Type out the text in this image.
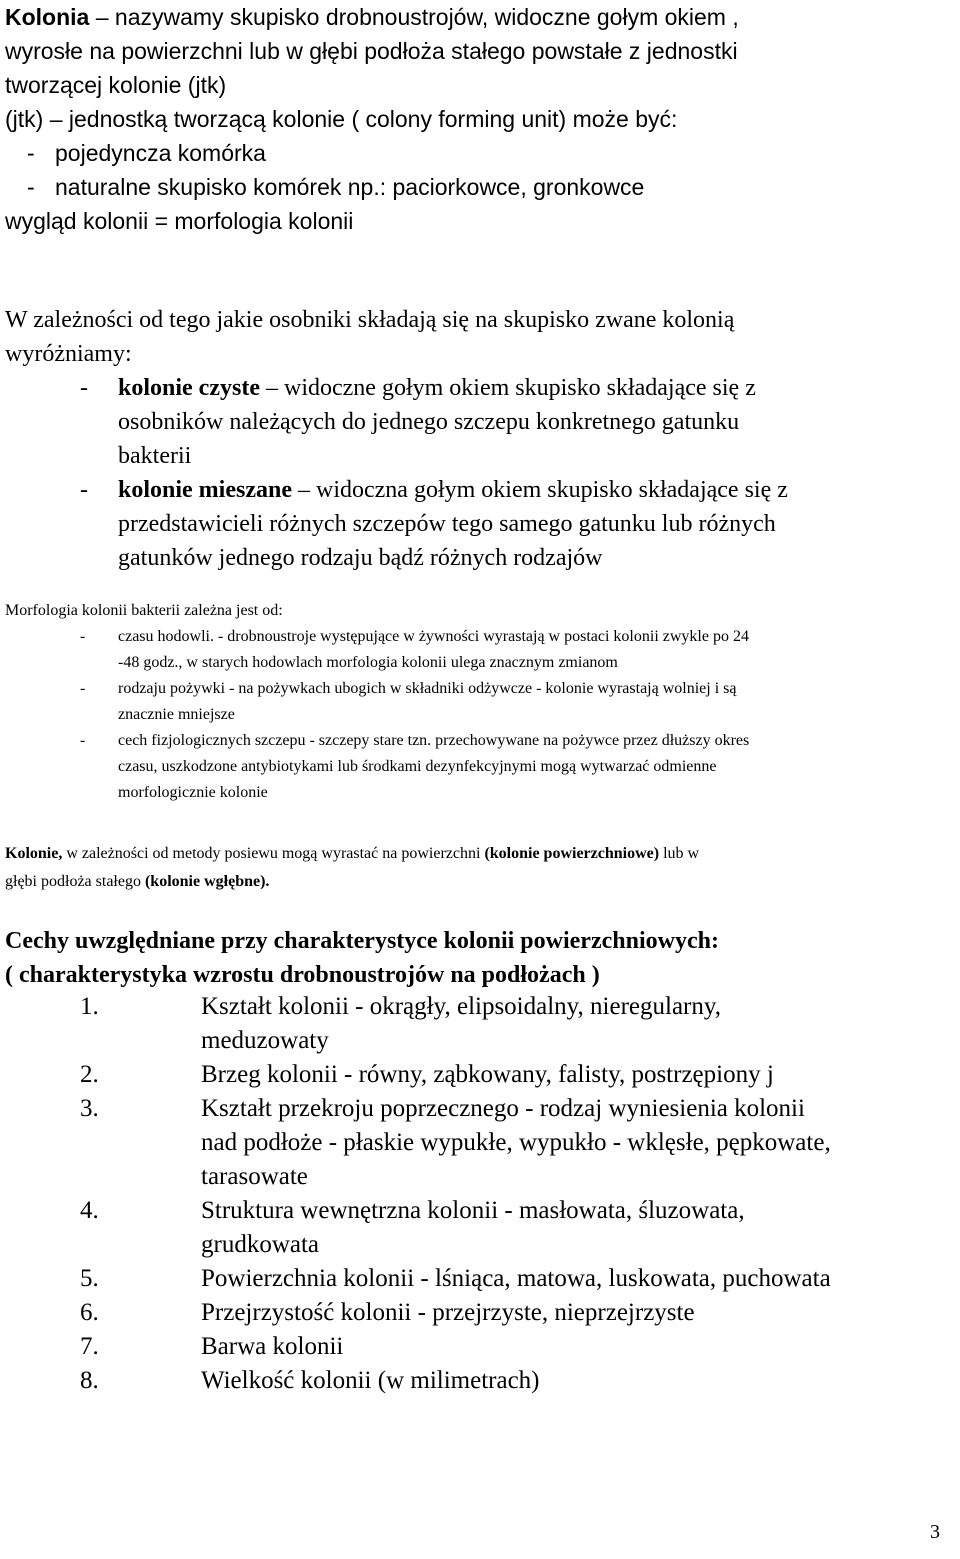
Kolonia – nazywamy skupisko drobnoustrojów, widoczne gołym okiem ,
wyrosłe na powierzchni lub w głębi podłoża stałego powstałe z jednostki
tworzącej kolonie (jtk)
(jtk) – jednostką tworzącą kolonie ( colony forming unit) może być:
- pojedyncza komórka
- naturalne skupisko komórek np.: paciorkowce, gronkowce
wygląd kolonii = morfologia kolonii
W zależności od tego jakie osobniki składają się na skupisko zwane kolonią
wyróżniamy:
- kolonie czyste – widoczne gołym okiem skupisko składające się z
osobników należących do jednego szczepu konkretnego gatunku
bakterii
- kolonie mieszane – widoczna gołym okiem skupisko składające się z
przedstawicieli różnych szczepów tego samego gatunku lub różnych
gatunków jednego rodzaju bądź różnych rodzajów
Morfologia kolonii bakterii zależna jest od:
- czasu hodowli. - drobnoustroje występujące w żywności wyrastają w postaci kolonii zwykle po 24
-48 godz., w starych hodowlach morfologia kolonii ulega znacznym zmianom
- rodzaju pożywki - na pożywkach ubogich w składniki odżywcze - kolonie wyrastają wolniej i są
znacznie mniejsze
- cech fizjologicznych szczepu - szczepy stare tzn. przechowywane na pożywce przez dłuższy okres
czasu, uszkodzone antybiotykami lub środkami dezynfekcyjnymi mogą wytwarzać odmienne
morfologicznie kolonie
Kolonie, w zależności od metody posiewu mogą wyrastać na powierzchni (kolonie powierzchniowe) lub w
głębi podłoża stałego (kolonie wgłębne).
Cechy uwzględniane przy charakterystyce kolonii powierzchniowych:
( charakterystyka wzrostu drobnoustrojów na podłożach )
1.	Kształt kolonii - okrągły, elipsoidalny, nieregularny,
meduzowaty
2.	Brzeg kolonii - równy, ząbkowany, falisty, postrzępiony j
3.	Kształt przekroju poprzecznego - rodzaj wyniesienia kolonii
nad podłoże - płaskie wypukłe, wypukło - wklęsłe, pępkowate,
tarasowate
4.	Struktura wewnętrzna kolonii - masłowata, śluzowata,
grudkowata
5.	Powierzchnia kolonii - lśniąca, matowa, luskowata, puchowata
6.	Przejrzystość kolonii - przejrzyste, nieprzejrzyste
7.	Barwa kolonii
8.	Wielkość kolonii (w milimetrach)
3
